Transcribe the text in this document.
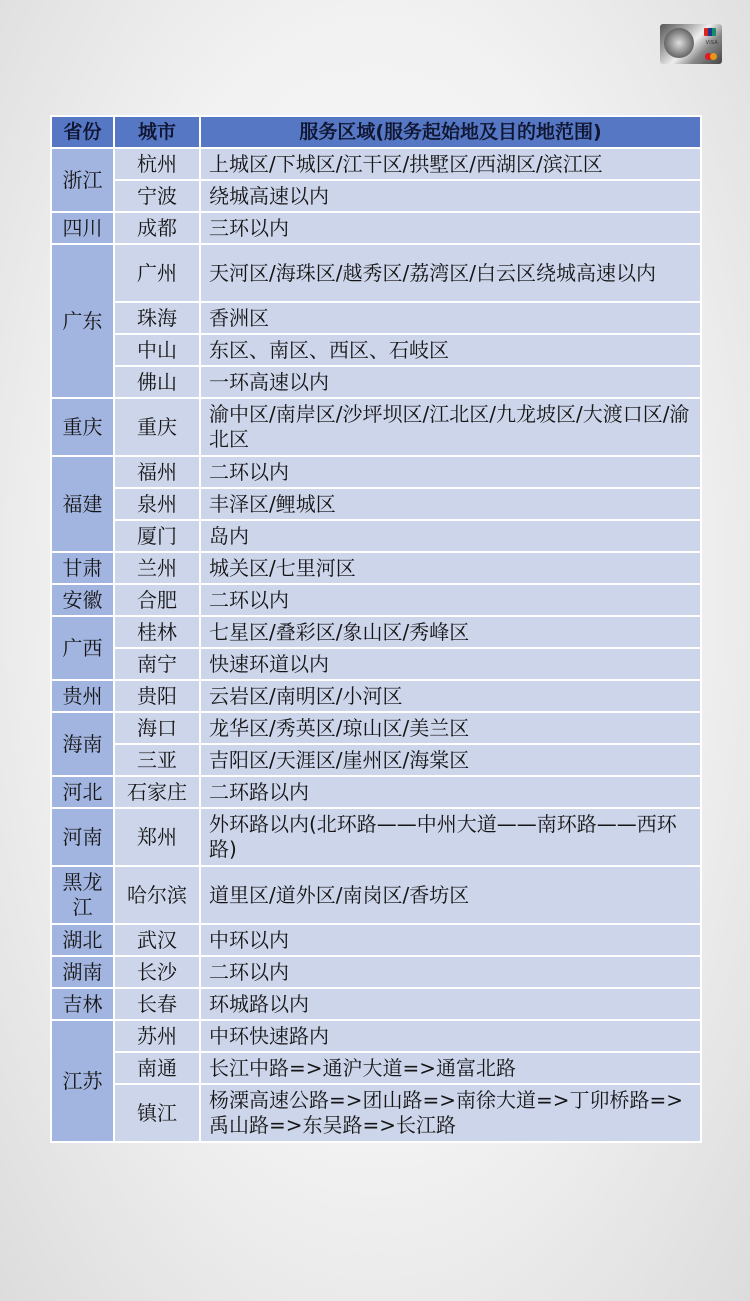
VISA
省份	城市	服务区域(服务起始地及目的地范围)
浙江	杭州	上城区/下城区/江干区/拱墅区/西湖区/滨江区
	宁波	绕城高速以内
四川	成都	三环以内
广东	广州	天河区/海珠区/越秀区/荔湾区/白云区绕城高速以内
	珠海	香洲区
	中山	东区、南区、西区、石岐区
	佛山	一环高速以内
重庆	重庆	渝中区/南岸区/沙坪坝区/江北区/九龙坡区/大渡口区/渝北区
福建	福州	二环以内
	泉州	丰泽区/鲤城区
	厦门	岛内
甘肃	兰州	城关区/七里河区
安徽	合肥	二环以内
广西	桂林	七星区/叠彩区/象山区/秀峰区
	南宁	快速环道以内
贵州	贵阳	云岩区/南明区/小河区
海南	海口	龙华区/秀英区/琼山区/美兰区
	三亚	吉阳区/天涯区/崖州区/海棠区
河北	石家庄	二环路以内
河南	郑州	外环路以内(北环路——中州大道——南环路——西环路)
黑龙江	哈尔滨	道里区/道外区/南岗区/香坊区
湖北	武汉	中环以内
湖南	长沙	二环以内
吉林	长春	环城路以内
江苏	苏州	中环快速路内
	南通	长江中路=>通沪大道=>通富北路
	镇江	杨溧高速公路=>团山路=>南徐大道=>丁卯桥路=>禹山路=>东吴路=>长江路
